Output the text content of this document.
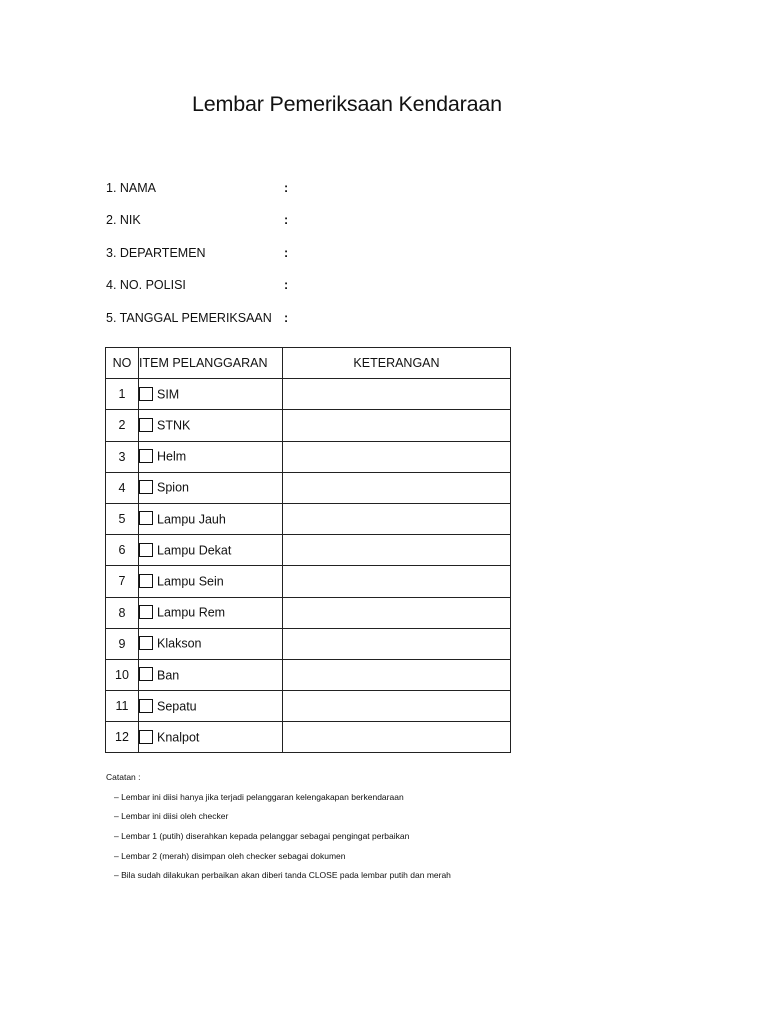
Lembar Pemeriksaan Kendaraan
1. NAMA	:
2. NIK	:
3. DEPARTEMEN	:
4. NO. POLISI	:
5. TANGGAL PEMERIKSAAN :
NO	ITEM PELANGGARAN	KETERANGAN
1	SIM	
2	STNK	
3	Helm	
4	Spion	
5	Lampu Jauh	
6	Lampu Dekat	
7	Lampu Sein	
8	Lampu Rem	
9	Klakson	
10	Ban	
11	Sepatu	
12	Knalpot	
Catatan :
– Lembar ini diisi hanya jika terjadi pelanggaran kelengakapan berkendaraan
– Lembar ini diisi oleh checker
– Lembar 1 (putih) diserahkan kepada pelanggar sebagai pengingat perbaikan
– Lembar 2 (merah) disimpan oleh checker sebagai dokumen
– Bila sudah dilakukan perbaikan akan diberi tanda CLOSE pada lembar putih dan merah
